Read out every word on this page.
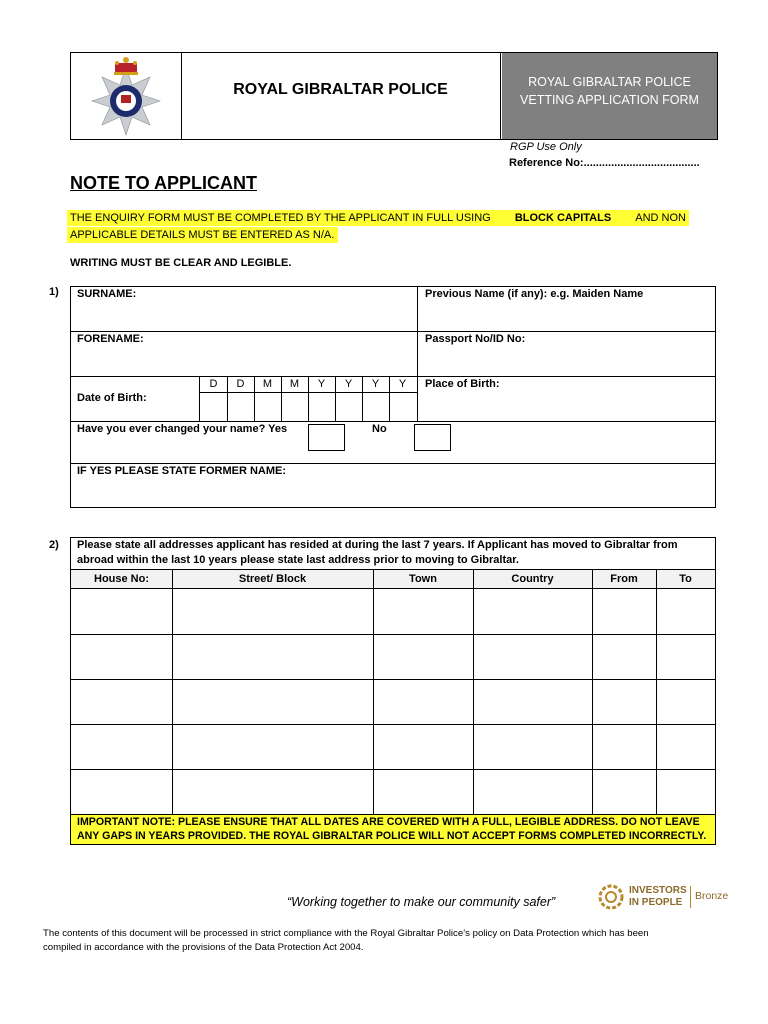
ROYAL GIBRALTAR POLICE	ROYAL GIBRALTAR POLICE
VETTING APPLICATION FORM
RGP Use Only
Reference No:......................................
NOTE TO APPLICANT
THE ENQUIRY FORM MUST BE COMPLETED BY THE APPLICANT IN FULL USING BLOCK CAPITALS AND NON
APPLICABLE DETAILS MUST BE ENTERED AS N/A.
WRITING MUST BE CLEAR AND LEGIBLE.
1) SURNAME:	Previous Name (if any): e.g. Maiden Name
FORENAME:	Passport No/ID No:
Date of Birth:
D	D	M	M	Y	Y	Y	Y	Place of Birth:
Have you ever changed your name? Yes	No
IF YES PLEASE STATE FORMER NAME:
2) Please state all addresses applicant has resided at during the last 7 years. If Applicant has moved to Gibraltar from
abroad within the last 10 years please state last address prior to moving to Gibraltar.
House No:	Street/ Block	Town	Country	From	To
IMPORTANT NOTE: PLEASE ENSURE THAT ALL DATES ARE COVERED WITH A FULL, LEGIBLE ADDRESS. DO NOT LEAVE
ANY GAPS IN YEARS PROVIDED. THE ROYAL GIBRALTAR POLICE WILL NOT ACCEPT FORMS COMPLETED INCORRECTLY.
“Working together to make our community safer”
INVESTORS
IN PEOPLE
Bronze
The contents of this document will be processed in strict compliance with the Royal Gibraltar Police’s policy on Data Protection which has been
compiled in accordance with the provisions of the Data Protection Act 2004.
